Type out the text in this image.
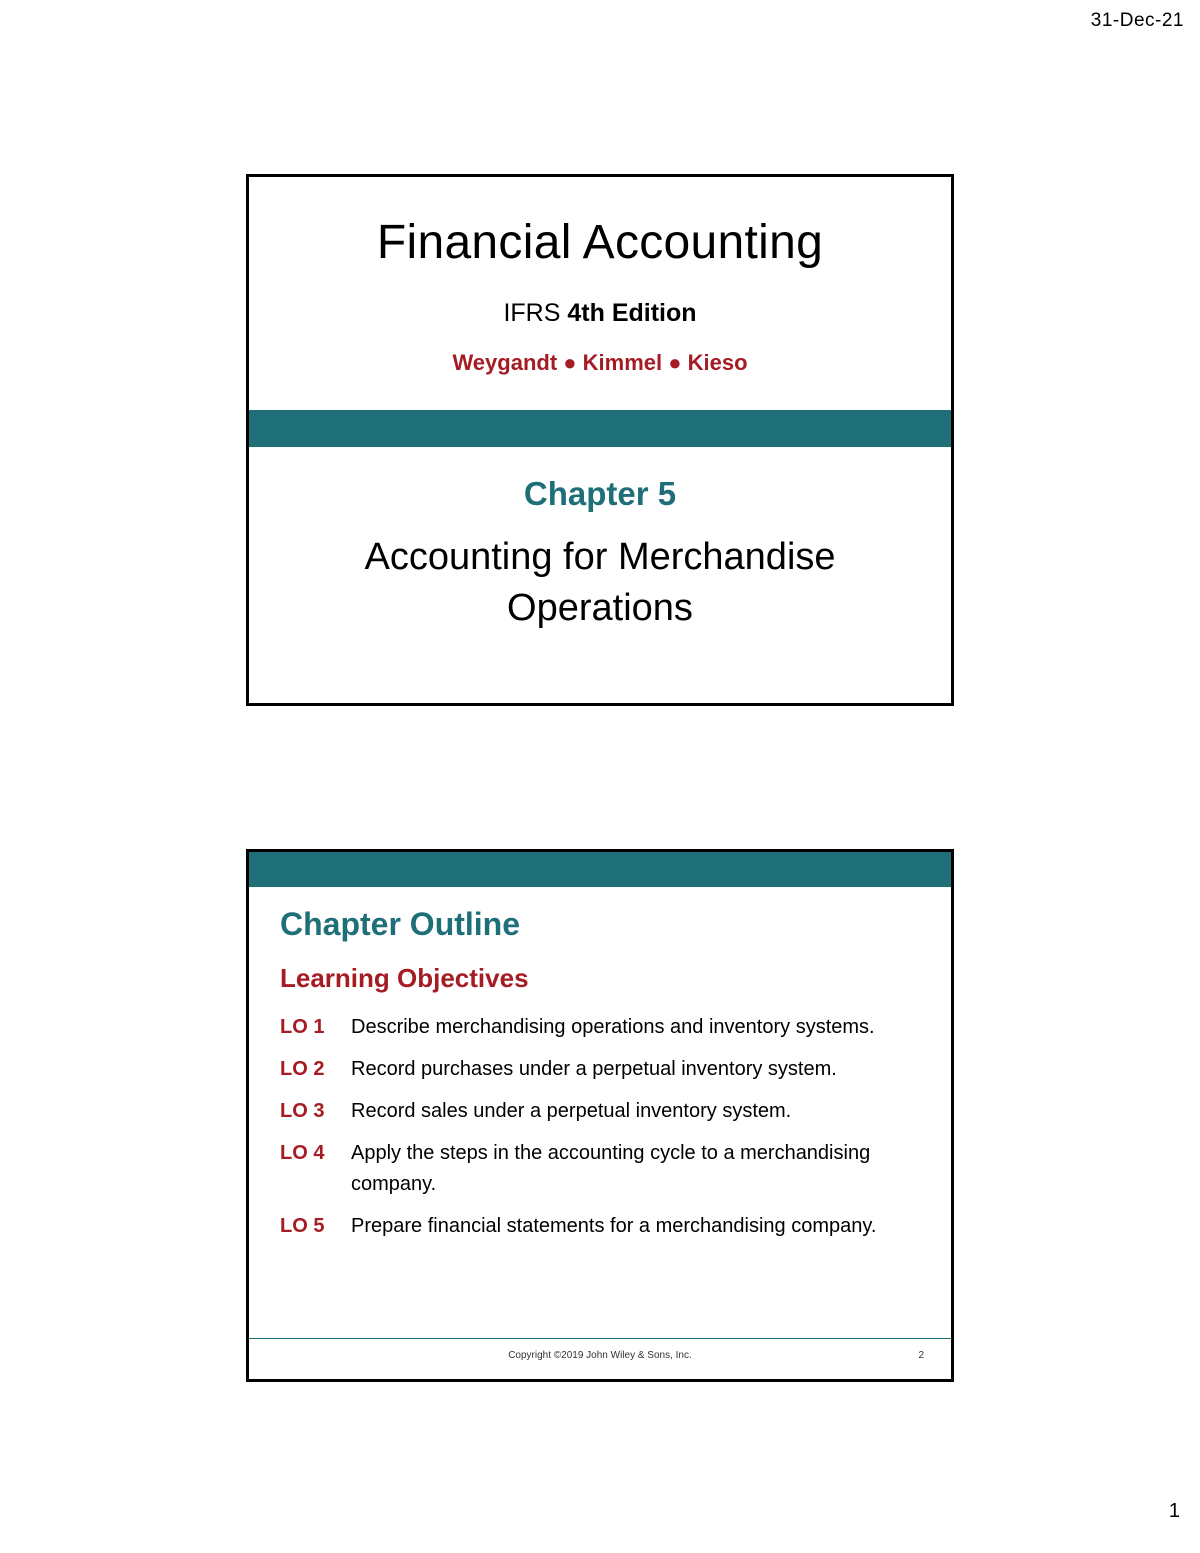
31-Dec-21
Financial Accounting
IFRS 4th Edition
Weygandt ● Kimmel ● Kieso
Chapter 5
Accounting for Merchandise
Operations
Chapter Outline
Learning Objectives
LO 1	Describe merchandising operations and inventory systems.
LO 2	Record purchases under a perpetual inventory system.
LO 3	Record sales under a perpetual inventory system.
LO 4	Apply the steps in the accounting cycle to a merchandising company.
LO 5	Prepare financial statements for a merchandising company.
Copyright ©2019 John Wiley & Sons, Inc.	2
1
